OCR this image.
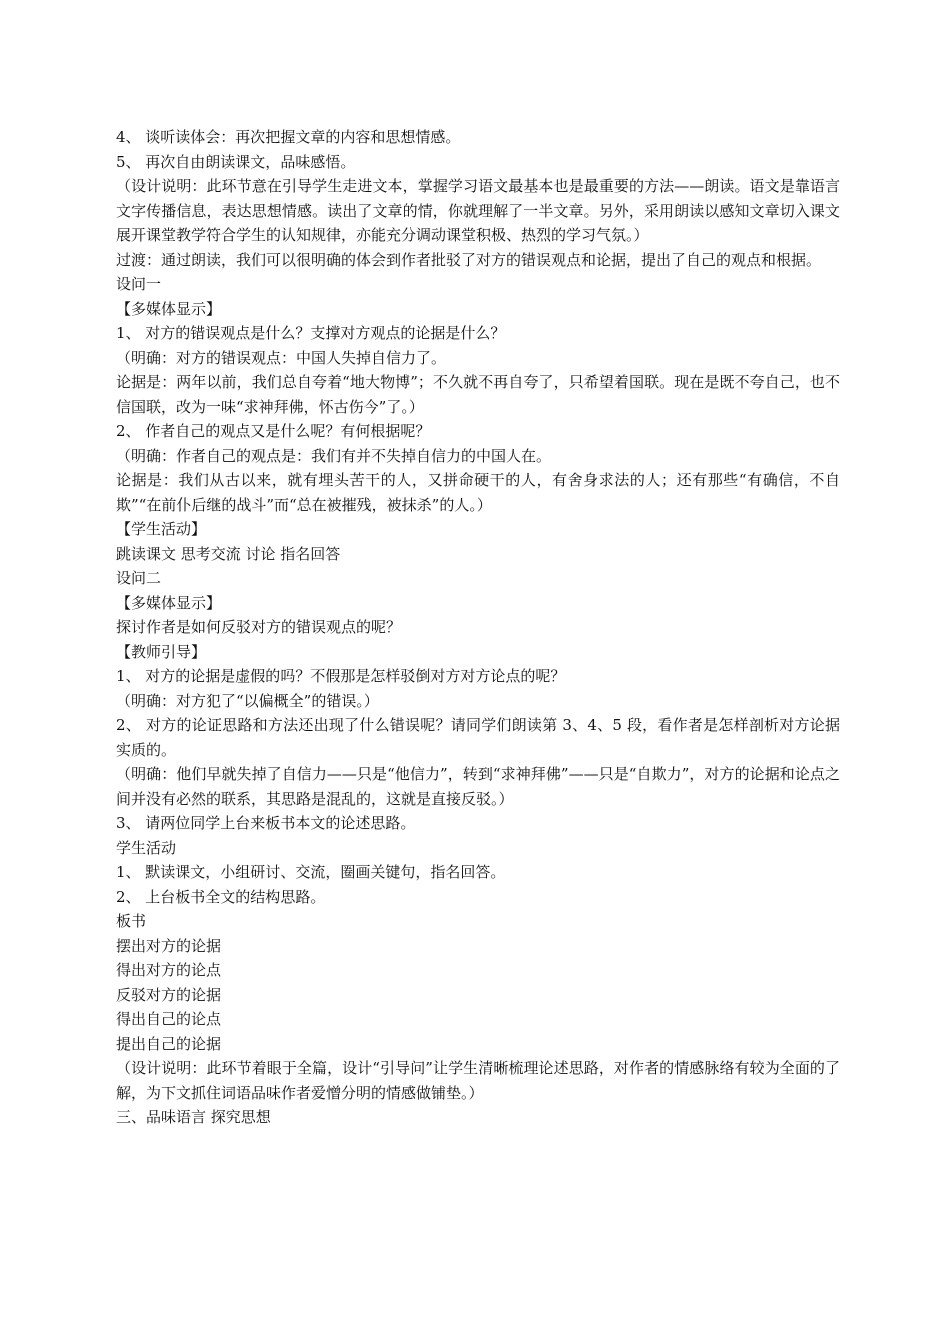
4、 谈听读体会：再次把握文章的内容和思想情感。

5、 再次自由朗读课文，品味感悟。

（设计说明：此环节意在引导学生走进文本，掌握学习语文最基本也是最重要的方法——朗读。语文是靠语言文字传播信息，表达思想情感。读出了文章的情，你就理解了一半文章。另外，采用朗读以感知文章切入课文展开课堂教学符合学生的认知规律，亦能充分调动课堂积极、热烈的学习气氛。）

过渡：通过朗读，我们可以很明确的体会到作者批驳了对方的错误观点和论据，提出了自己的观点和根据。

设问一

【多媒体显示】

1、 对方的错误观点是什么？支撑对方观点的论据是什么？

（明确：对方的错误观点：中国人失掉自信力了。

论据是：两年以前，我们总自夸着“地大物博”；不久就不再自夸了，只希望着国联。现在是既不夸自己，也不信国联，改为一味“求神拜佛，怀古伤今”了。）

2、 作者自己的观点又是什么呢？有何根据呢？

（明确：作者自己的观点是：我们有并不失掉自信力的中国人在。

论据是：我们从古以来，就有埋头苦干的人，又拼命硬干的人，有舍身求法的人；还有那些“有确信，不自欺”“在前仆后继的战斗”而“总在被摧残，被抹杀”的人。）

【学生活动】

跳读课文 思考交流 讨论 指名回答

设问二

【多媒体显示】

探讨作者是如何反驳对方的错误观点的呢？

【教师引导】

1、 对方的论据是虚假的吗？不假那是怎样驳倒对方对方论点的呢？

（明确：对方犯了“以偏概全”的错误。）

2、 对方的论证思路和方法还出现了什么错误呢？请同学们朗读第 3、4、5 段，看作者是怎样剖析对方论据实质的。

（明确：他们早就失掉了自信力——只是“他信力”，转到“求神拜佛”——只是“自欺力”，对方的论据和论点之间并没有必然的联系，其思路是混乱的，这就是直接反驳。）

3、 请两位同学上台来板书本文的论述思路。

学生活动

1、 默读课文，小组研讨、交流，圈画关键句，指名回答。

2、 上台板书全文的结构思路。

板书

摆出对方的论据

得出对方的论点

反驳对方的论据

得出自己的论点

提出自己的论据

（设计说明：此环节着眼于全篇，设计“引导问”让学生清晰梳理论述思路，对作者的情感脉络有较为全面的了解，为下文抓住词语品味作者爱憎分明的情感做铺垫。）

三、品味语言 探究思想
